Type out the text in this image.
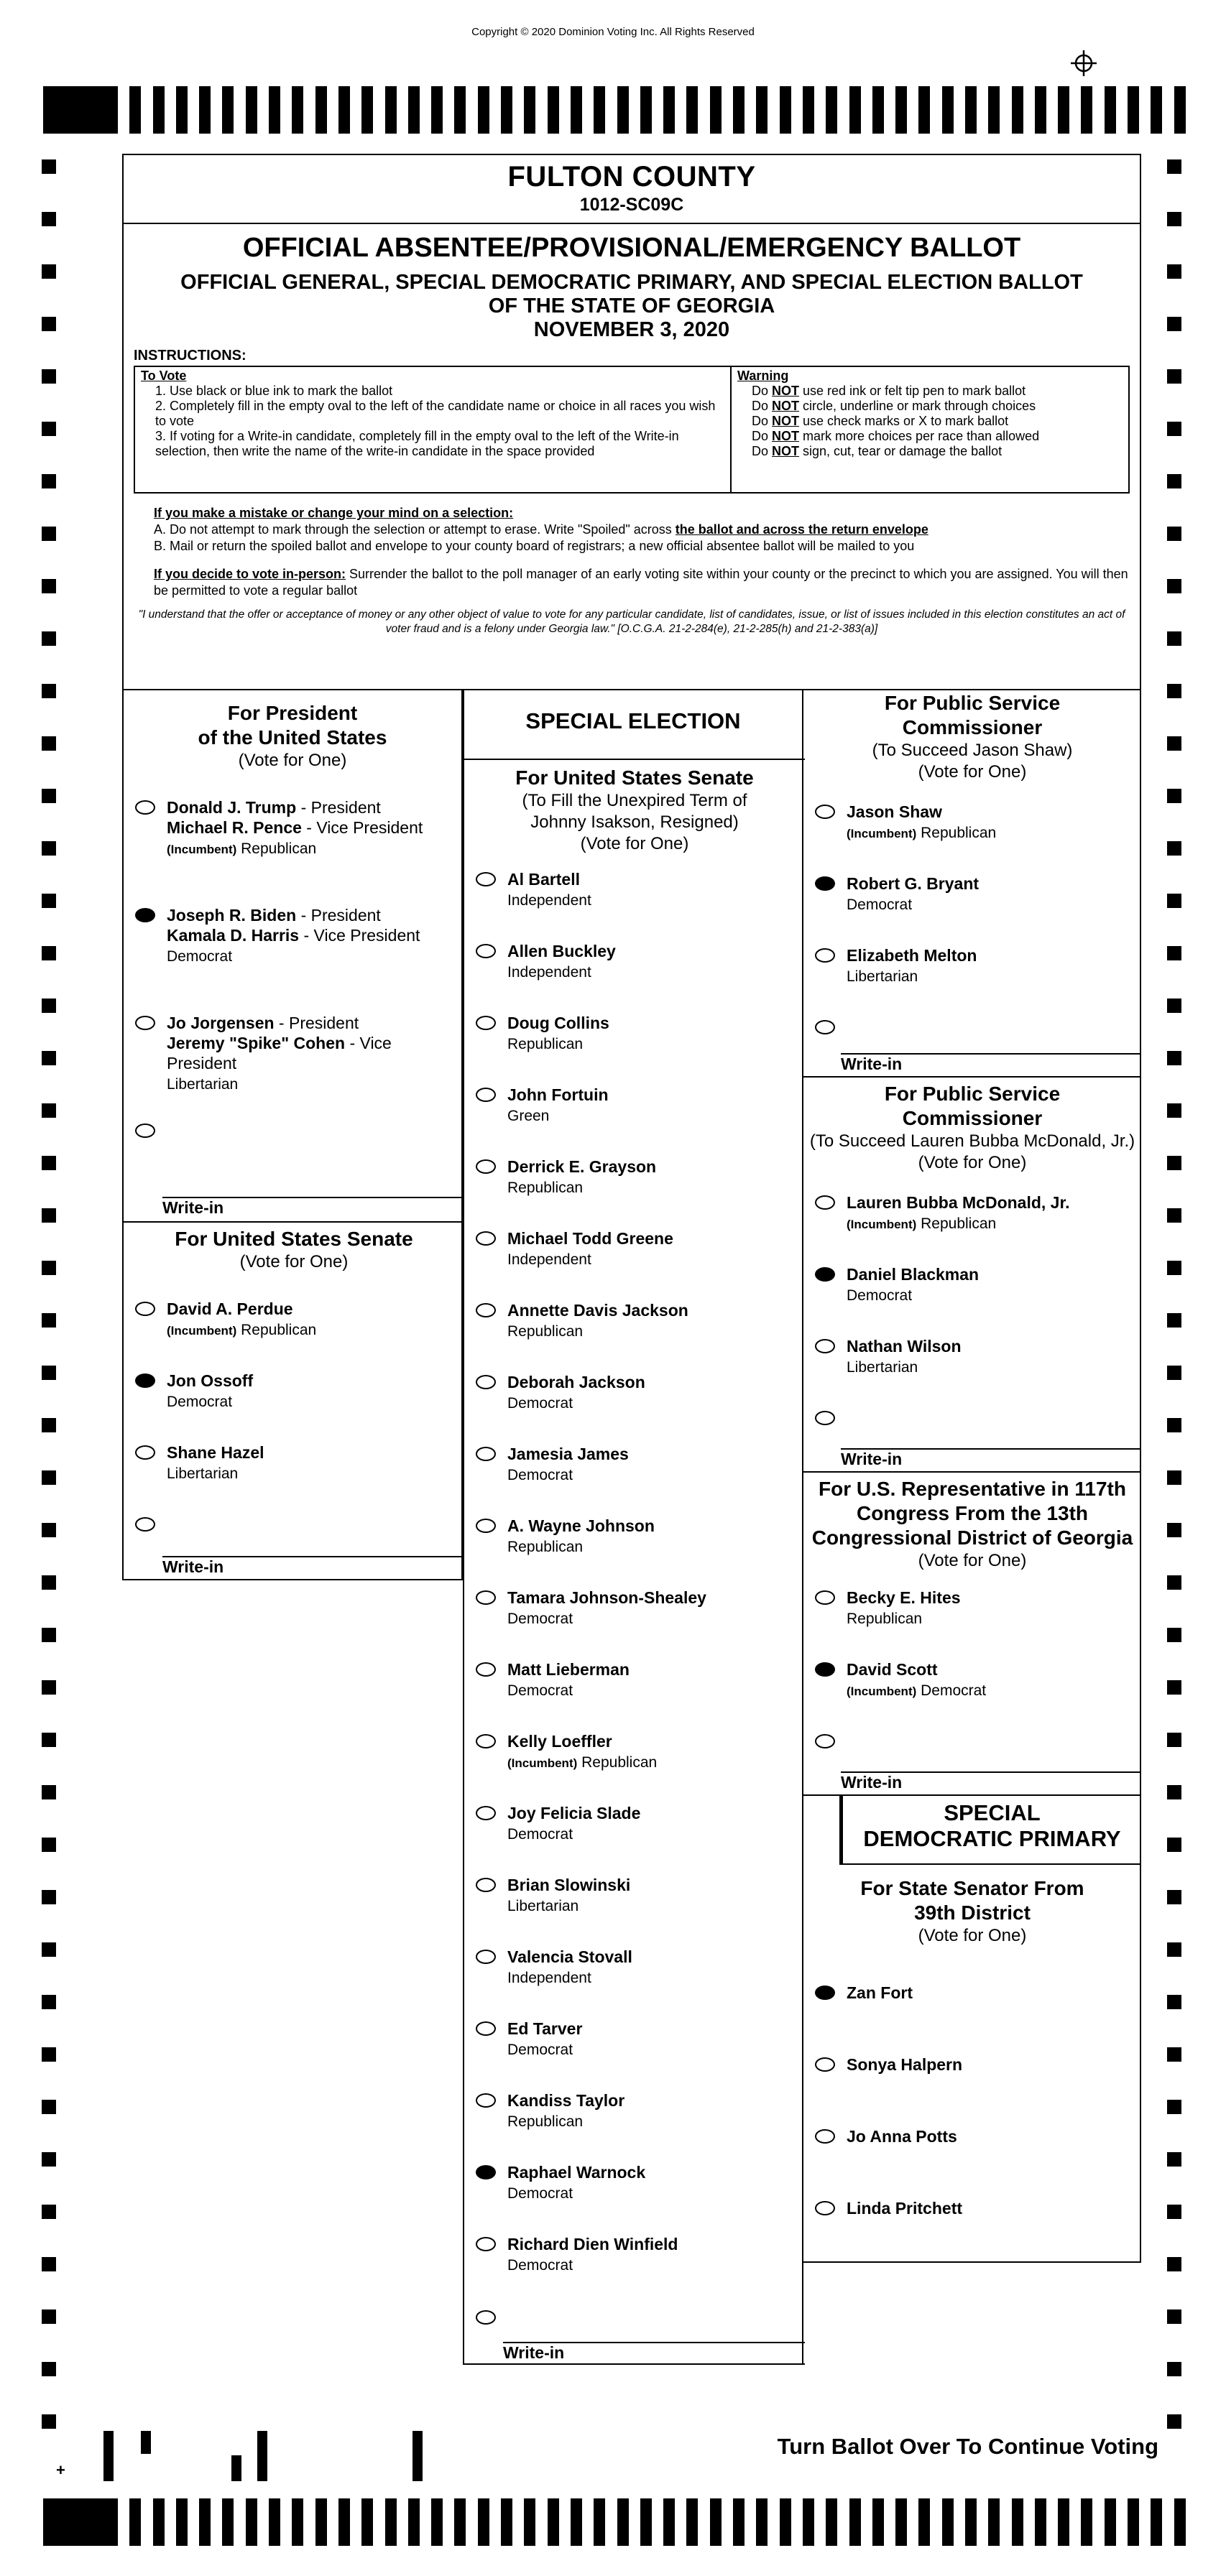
Copyright © 2020 Dominion Voting Inc. All Rights Reserved
FULTON COUNTY
1012-SC09C
OFFICIAL ABSENTEE/PROVISIONAL/EMERGENCY BALLOT
OFFICIAL GENERAL, SPECIAL DEMOCRATIC PRIMARY, AND SPECIAL ELECTION BALLOT
OF THE STATE OF GEORGIA
NOVEMBER 3, 2020
INSTRUCTIONS:
To Vote
1. Use black or blue ink to mark the ballot
2. Completely fill in the empty oval to the left of the candidate name or choice in all races you wish to vote
3. If voting for a Write-in candidate, completely fill in the empty oval to the left of the Write-in selection, then write the name of the write-in candidate in the space provided
Warning
Do NOT use red ink or felt tip pen to mark ballot
Do NOT circle, underline or mark through choices
Do NOT use check marks or X to mark ballot
Do NOT mark more choices per race than allowed
Do NOT sign, cut, tear or damage the ballot
If you make a mistake or change your mind on a selection:
A. Do not attempt to mark through the selection or attempt to erase. Write "Spoiled" across the ballot and across the return envelope
B. Mail or return the spoiled ballot and envelope to your county board of registrars; a new official absentee ballot will be mailed to you
If you decide to vote in-person: Surrender the ballot to the poll manager of an early voting site within your county or the precinct to which you are assigned. You will then be permitted to vote a regular ballot
"I understand that the offer or acceptance of money or any other object of value to vote for any particular candidate, list of candidates, issue, or list of issues included in this election constitutes an act of voter fraud and is a felony under Georgia law." [O.C.G.A. 21-2-284(e), 21-2-285(h) and 21-2-383(a)]
For President
of the United States
(Vote for One)
Donald J. Trump - President
Michael R. Pence - Vice President
(Incumbent) Republican
Joseph R. Biden - President
Kamala D. Harris - Vice President
Democrat
Jo Jorgensen - President
Jeremy "Spike" Cohen - Vice President
Libertarian
Write-in
For United States Senate
(Vote for One)
David A. Perdue
(Incumbent) Republican
Jon Ossoff
Democrat
Shane Hazel
Libertarian
Write-in
SPECIAL ELECTION
For United States Senate
(To Fill the Unexpired Term of
Johnny Isakson, Resigned)
(Vote for One)
Al Bartell
Independent
Allen Buckley
Independent
Doug Collins
Republican
John Fortuin
Green
Derrick E. Grayson
Republican
Michael Todd Greene
Independent
Annette Davis Jackson
Republican
Deborah Jackson
Democrat
Jamesia James
Democrat
A. Wayne Johnson
Republican
Tamara Johnson-Shealey
Democrat
Matt Lieberman
Democrat
Kelly Loeffler
(Incumbent) Republican
Joy Felicia Slade
Democrat
Brian Slowinski
Libertarian
Valencia Stovall
Independent
Ed Tarver
Democrat
Kandiss Taylor
Republican
Raphael Warnock
Democrat
Richard Dien Winfield
Democrat
Write-in
For Public Service
Commissioner
(To Succeed Jason Shaw)
(Vote for One)
Jason Shaw
(Incumbent) Republican
Robert G. Bryant
Democrat
Elizabeth Melton
Libertarian
Write-in
For Public Service
Commissioner
(To Succeed Lauren Bubba McDonald, Jr.)
(Vote for One)
Lauren Bubba McDonald, Jr.
(Incumbent) Republican
Daniel Blackman
Democrat
Nathan Wilson
Libertarian
Write-in
For U.S. Representative in 117th
Congress From the 13th
Congressional District of Georgia
(Vote for One)
Becky E. Hites
Republican
David Scott
(Incumbent) Democrat
Write-in
SPECIAL
DEMOCRATIC PRIMARY
For State Senator From
39th District
(Vote for One)
Zan Fort
Sonya Halpern
Jo Anna Potts
Linda Pritchett
+
Turn Ballot Over To Continue Voting
